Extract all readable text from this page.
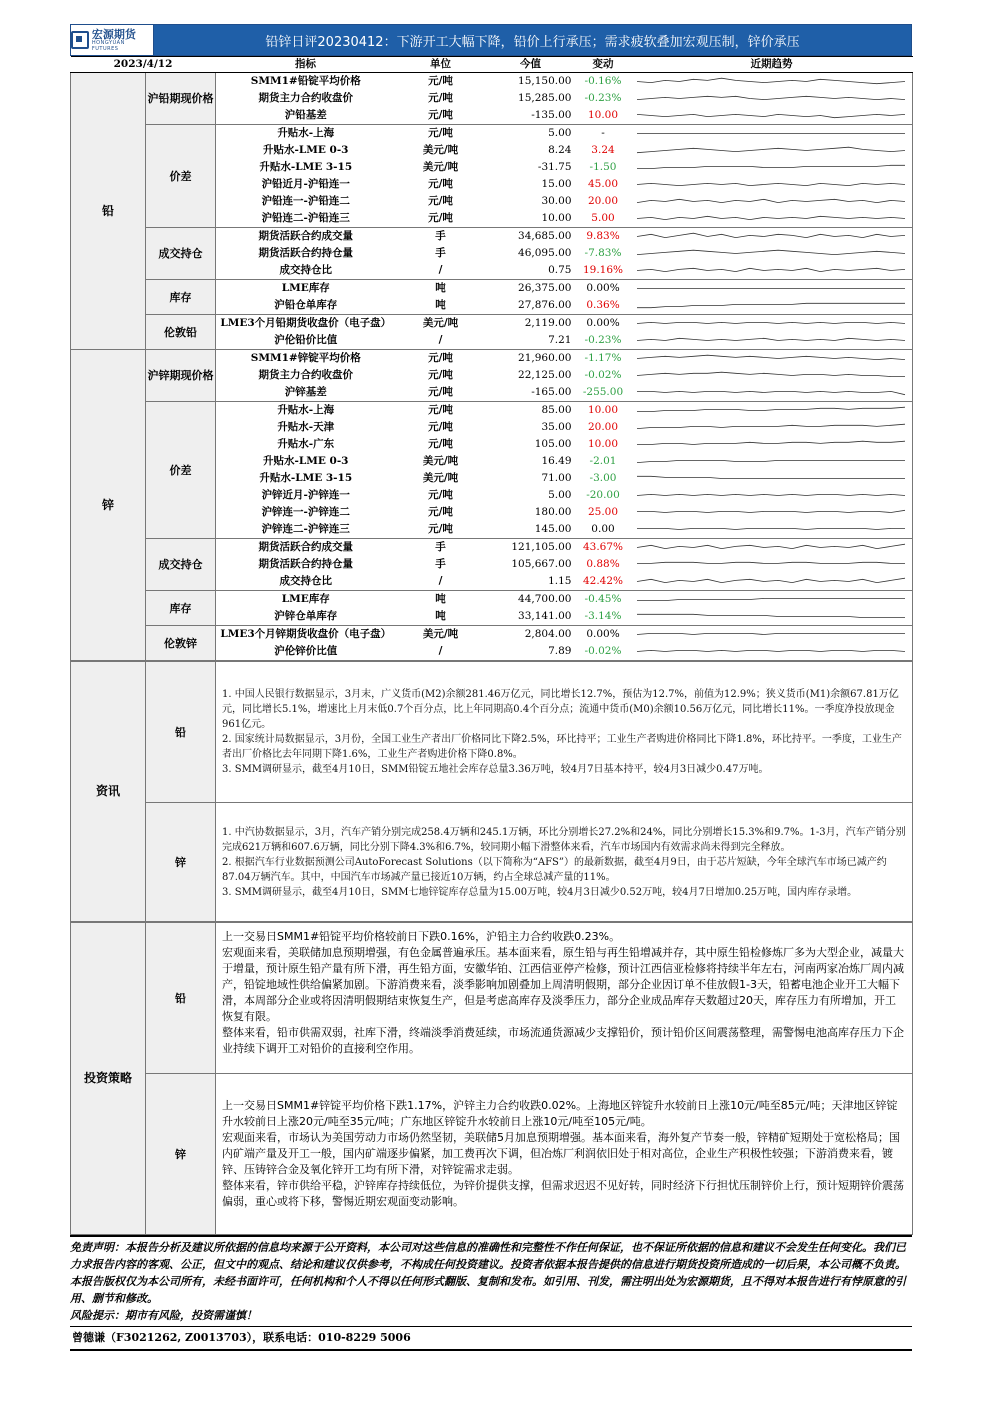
宏源期货
HONGYUAN FUTURES	铅锌日评20230412：下游开工大幅下降，铅价上行承压；需求疲软叠加宏观压制，锌价承压
2023/4/12		指标	单位	今值	变动	近期趋势
铅	沪铅期现价格	SMM1#铅锭平均价格	元/吨	15,150.00	-0.16%	

		期货主力合约收盘价	元/吨	15,285.00	-0.23%	

		沪铅基差	元/吨	-135.00	10.00	

	价差	升贴水-上海	元/吨	5.00	-	

		升贴水-LME 0-3	美元/吨	8.24	3.24	

		升贴水-LME 3-15	美元/吨	-31.75	-1.50	

		沪铅近月-沪铅连一	元/吨	15.00	45.00	

		沪铅连一-沪铅连二	元/吨	30.00	20.00	

		沪铅连二-沪铅连三	元/吨	10.00	5.00	

	成交持仓	期货活跃合约成交量	手	34,685.00	9.83%	

		期货活跃合约持仓量	手	46,095.00	-7.83%	

		成交持仓比	/	0.75	19.16%	

	库存	LME库存	吨	26,375.00	0.00%	

		沪铅仓单库存	吨	27,876.00	0.36%	

	伦敦铅	LME3个月铅期货收盘价（电子盘）	美元/吨	2,119.00	0.00%	

		沪伦铅价比值	/	7.21	-0.23%	

锌	沪锌期现价格	SMM1#锌锭平均价格	元/吨	21,960.00	-1.17%	

		期货主力合约收盘价	元/吨	22,125.00	-0.02%	

		沪锌基差	元/吨	-165.00	-255.00	

	价差	升贴水-上海	元/吨	85.00	10.00	

		升贴水-天津	元/吨	35.00	20.00	

		升贴水-广东	元/吨	105.00	10.00	

		升贴水-LME 0-3	美元/吨	16.49	-2.01	

		升贴水-LME 3-15	美元/吨	71.00	-3.00	

		沪锌近月-沪锌连一	元/吨	5.00	-20.00	

		沪锌连一-沪锌连二	元/吨	180.00	25.00	

		沪锌连二-沪锌连三	元/吨	145.00	0.00	

	成交持仓	期货活跃合约成交量	手	121,105.00	43.67%	

		期货活跃合约持仓量	手	105,667.00	0.88%	

		成交持仓比	/	1.15	42.42%	

	库存	LME库存	吨	44,700.00	-0.45%	

		沪锌仓单库存	吨	33,141.00	-3.14%	

	伦敦锌	LME3个月锌期货收盘价（电子盘）	美元/吨	2,804.00	0.00%	

		沪伦锌价比值	/	7.89	-0.02%	
资讯	铅	1. 中国人民银行数据显示，3月末，广义货币(M2)余额281.46万亿元，同比增长12.7%，预估为12.7%，前值为12.9%；狭义货币(M1)余额67.81万亿元，同比增长5.1%，增速比上月末低0.7个百分点，比上年同期高0.4个百分点；流通中货币(M0)余额10.56万亿元，同比增长11%。一季度净投放现金961亿元。
2. 国家统计局数据显示，3月份，全国工业生产者出厂价格同比下降2.5%，环比持平；工业生产者购进价格同比下降1.8%，环比持平。一季度，工业生产者出厂价格比去年同期下降1.6%，工业生产者购进价格下降0.8%。
3. SMM调研显示，截至4月10日，SMM铅锭五地社会库存总量3.36万吨，较4月7日基本持平，较4月3日减少0.47万吨。

	锌	1. 中汽协数据显示，3月，汽车产销分别完成258.4万辆和245.1万辆，环比分别增长27.2%和24%，同比分别增长15.3%和9.7%。1-3月，汽车产销分别完成621万辆和607.6万辆，同比分别下降4.3%和6.7%，较同期小幅下滑整体来看，汽车市场国内有效需求尚未得到完全释放。
2. 根据汽车行业数据预测公司AutoForecast Solutions（以下简称为“AFS”）的最新数据，截至4月9日，由于芯片短缺，今年全球汽车市场已减产约87.04万辆汽车。其中，中国汽车市场减产量已接近10万辆，约占全球总减产量的11%。
3. SMM调研显示，截至4月10日，SMM七地锌锭库存总量为15.00万吨，较4月3日减少0.52万吨，较4月7日增加0.25万吨，国内库存录增。
投资策略	铅	上一交易日SMM1#铅锭平均价格较前日下跌0.16%，沪铅主力合约收跌0.23%。
宏观面来看，美联储加息预期增强，有色金属普遍承压。基本面来看，原生铅与再生铅增减并存，其中原生铅检修炼厂多为大型企业，减量大于增量，预计原生铅产量有所下滑，再生铅方面，安徽华铂、江西信亚停产检修，预计江西信亚检修将持续半年左右，河南两家冶炼厂周内减产，铅锭地域性供给偏紧加剧。下游消费来看，淡季影响加剧叠加上周清明假期，部分企业因订单不佳放假1-3天，铅蓄电池企业开工大幅下滑，本周部分企业或将因清明假期结束恢复生产，但是考虑高库存及淡季压力，部分企业成品库存天数超过20天，库存压力有所增加，开工恢复有限。
整体来看，铅市供需双弱，社库下滑，终端淡季消费延续，市场流通货源减少支撑铅价，预计铅价区间震荡整理，需警惕电池高库存压力下企业持续下调开工对铅价的直接利空作用。

	锌	上一交易日SMM1#锌锭平均价格下跌1.17%，沪锌主力合约收跌0.02%。上海地区锌锭升水较前日上涨10元/吨至85元/吨；天津地区锌锭升水较前日上涨20元/吨至35元/吨；广东地区锌锭升水较前日上涨10元/吨至105元/吨。
宏观面来看，市场认为美国劳动力市场仍然坚韧，美联储5月加息预期增强。基本面来看，海外复产节奏一般，锌精矿短期处于宽松格局；国内矿端产量及开工一般，国内矿端逐步偏紧，加工费再次下调，但冶炼厂利润依旧处于相对高位，企业生产积极性较强；下游消费来看，镀锌、压铸锌合金及氧化锌开工均有所下滑，对锌锭需求走弱。
整体来看，锌市供给平稳，沪锌库存持续低位，为锌价提供支撑，但需求迟迟不见好转，同时经济下行担忧压制锌价上行，预计短期锌价震荡偏弱，重心或将下移，警惕近期宏观面变动影响。
免责声明：本报告分析及建议所依据的信息均来源于公开资料，本公司对这些信息的准确性和完整性不作任何保证，也不保证所依据的信息和建议不会发生任何变化。我们已力求报告内容的客观、公正，但文中的观点、结论和建议仅供参考，不构成任何投资建议。投资者依据本报告提供的信息进行期货投资所造成的一切后果，本公司概不负责。本报告版权仅为本公司所有，未经书面许可，任何机构和个人不得以任何形式翻版、复制和发布。如引用、刊发，需注明出处为宏源期货，且不得对本报告进行有悖原意的引用、删节和修改。
风险提示：期市有风险，投资需谨慎！
曾德谦（F3021262, Z0013703），联系电话：010-8229 5006
